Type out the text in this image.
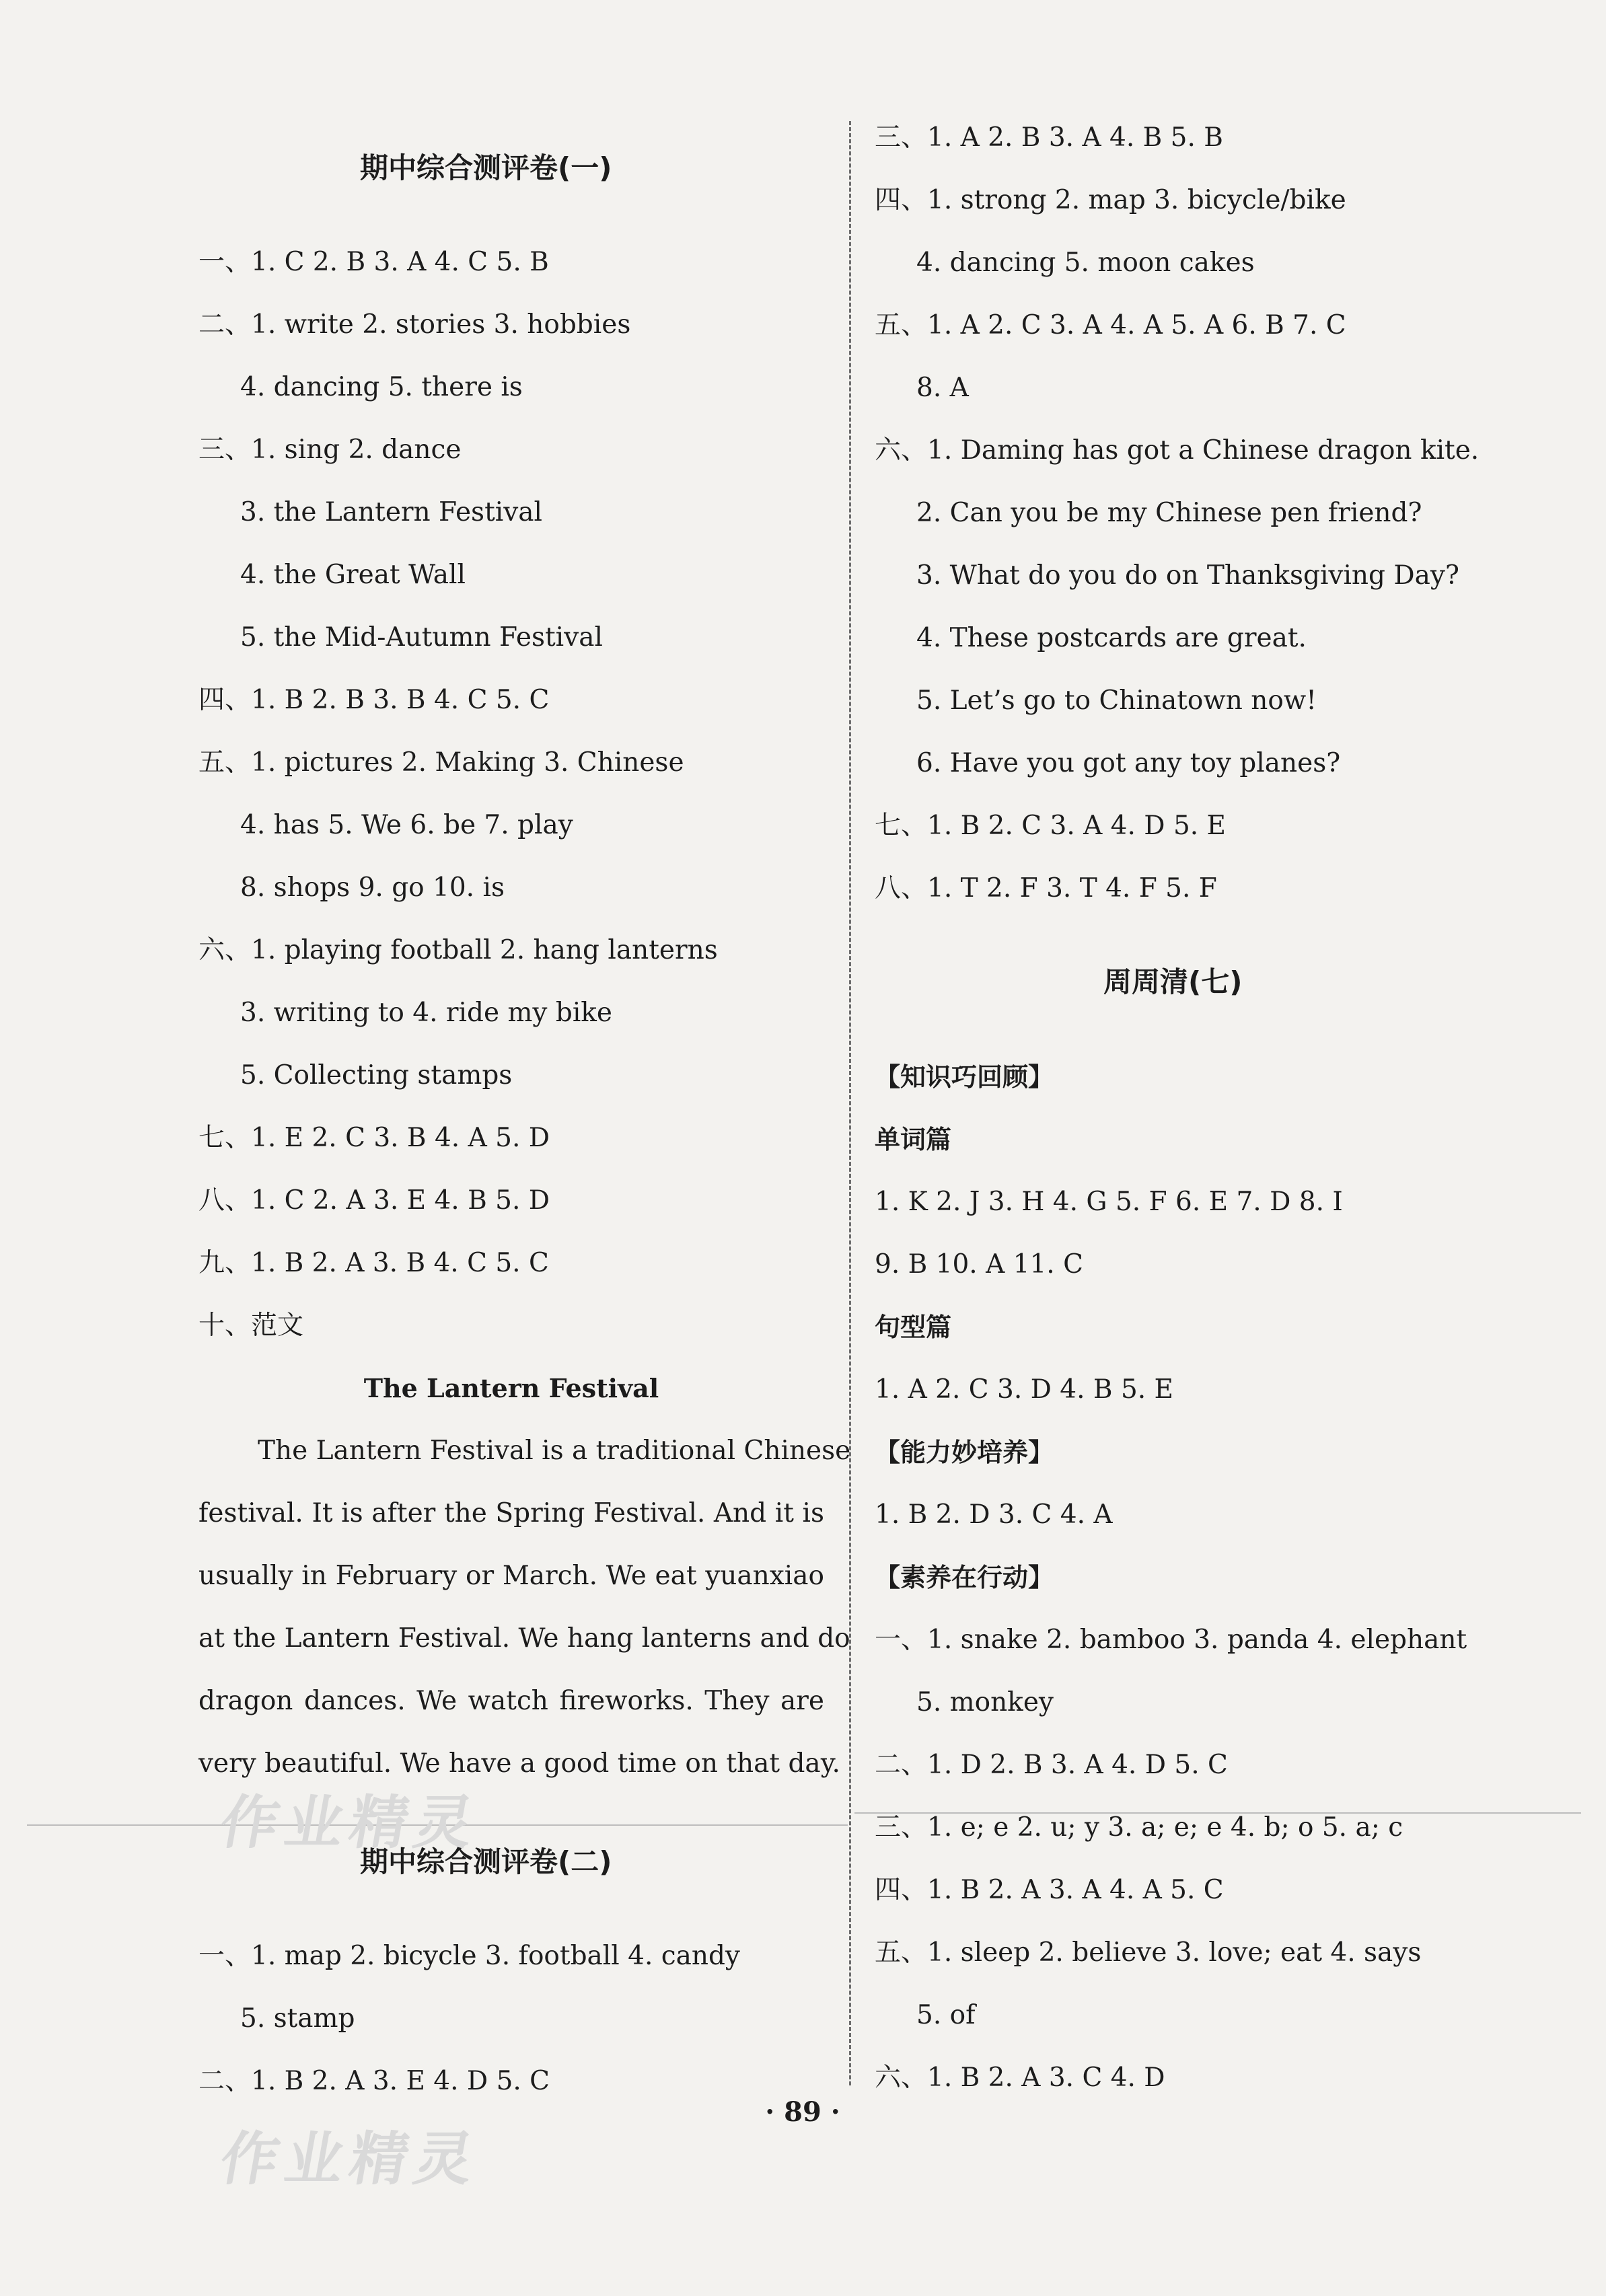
期中综合测评卷(一)
一、1. C 2. B 3. A 4. C 5. B
二、1. write 2. stories 3. hobbies
4. dancing 5. there is
三、1. sing 2. dance
3. the Lantern Festival
4. the Great Wall
5. the Mid-Autumn Festival
四、1. B 2. B 3. B 4. C 5. C
五、1. pictures 2. Making 3. Chinese
4. has 5. We 6. be 7. play
8. shops 9. go 10. is
六、1. playing football 2. hang lanterns
3. writing to 4. ride my bike
5. Collecting stamps
七、1. E 2. C 3. B 4. A 5. D
八、1. C 2. A 3. E 4. B 5. D
九、1. B 2. A 3. B 4. C 5. C
十、范文
The Lantern Festival
The Lantern Festival is a traditional Chinese
festival. It is after the Spring Festival. And it is
usually in February or March. We eat yuanxiao
at the Lantern Festival. We hang lanterns and do
dragon dances. We watch fireworks. They are
very beautiful. We have a good time on that day.
期中综合测评卷(二)
一、1. map 2. bicycle 3. football 4. candy
5. stamp
二、1. B 2. A 3. E 4. D 5. C
三、1. A 2. B 3. A 4. B 5. B
四、1. strong 2. map 3. bicycle/bike
4. dancing 5. moon cakes
五、1. A 2. C 3. A 4. A 5. A 6. B 7. C
8. A
六、1. Daming has got a Chinese dragon kite.
2. Can you be my Chinese pen friend?
3. What do you do on Thanksgiving Day?
4. These postcards are great.
5. Let’s go to Chinatown now!
6. Have you got any toy planes?
七、1. B 2. C 3. A 4. D 5. E
八、1. T 2. F 3. T 4. F 5. F
周周清(七)
【知识巧回顾】
单词篇
1. K 2. J 3. H 4. G 5. F 6. E 7. D 8. I
9. B 10. A 11. C
句型篇
1. A 2. C 3. D 4. B 5. E
【能力妙培养】
1. B 2. D 3. C 4. A
【素养在行动】
一、1. snake 2. bamboo 3. panda 4. elephant
5. monkey
二、1. D 2. B 3. A 4. D 5. C
三、1. e; e 2. u; y 3. a; e; e 4. b; o 5. a; c
四、1. B 2. A 3. A 4. A 5. C
五、1. sleep 2. believe 3. love; eat 4. says
5. of
六、1. B 2. A 3. C 4. D
作业精灵
作业精灵
· 89 ·
